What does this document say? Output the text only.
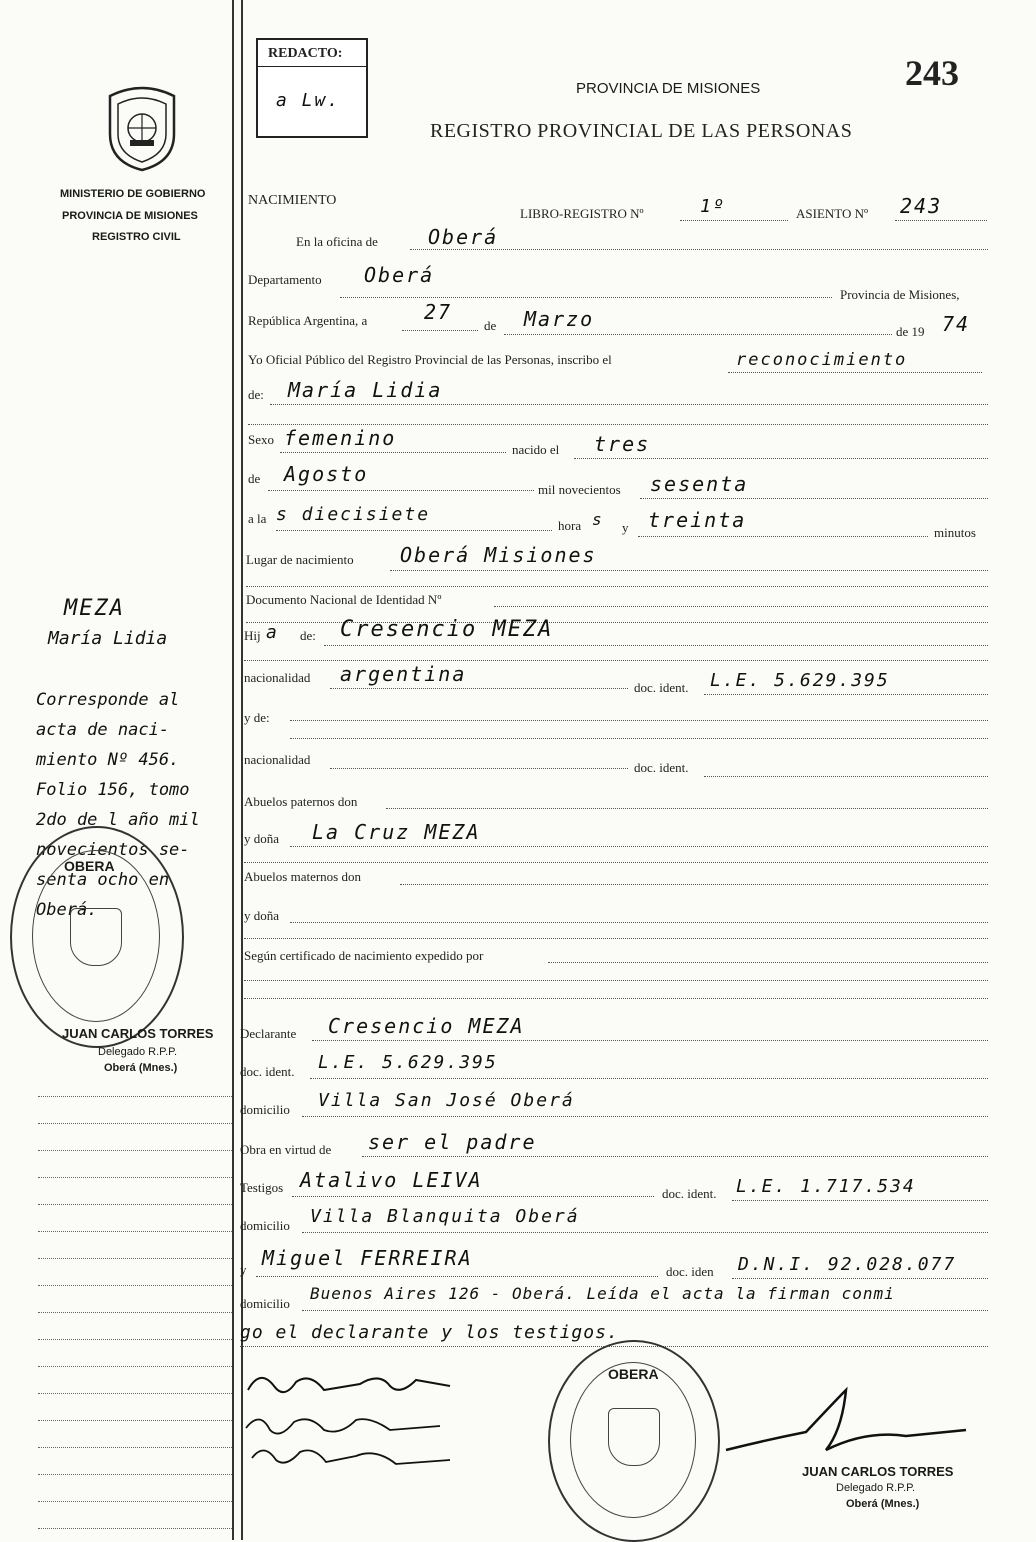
243
REDACTO:
a Lw.
PROVINCIA DE MISIONES
REGISTRO PROVINCIAL DE LAS PERSONAS
MINISTERIO DE GOBIERNO
PROVINCIA DE MISIONES
REGISTRO CIVIL
NACIMIENTO
LIBRO-REGISTRO Nº	1º	ASIENTO Nº 243
En la oficina de	Oberá
Departamento Oberá
Provincia de Misiones,
República Argentina, a	27
de Marzo
de 19 74
Yo Oficial Público del Registro Provincial de las Personas, inscribo el	reconocimiento
de: María Lidia
Sexo femenino	nacido el tres
de Agosto
mil novecientos sesenta
a la s diecisiete
hora s y treinta
minutos
Lugar de nacimiento Oberá Misiones
Documento Nacional de Identidad Nº
Hij a de: Cresencio MEZA
nacionalidad argentina
doc. ident. L.E. 5.629.395
y de:
nacionalidad
doc. ident.
Abuelos paternos don
y doña La Cruz MEZA
Abuelos maternos don
y doña
Según certificado de nacimiento expedido por
Declarante Cresencio MEZA
doc. ident. L.E. 5.629.395
domicilio Villa San José Oberá
Obra en virtud de ser el padre
Testigos Atalivo LEIVA
doc. ident. L.E. 1.717.534
domicilio Villa Blanquita Oberá
y Miguel FERREIRA
doc. iden D.N.I. 92.028.077
domicilio
Buenos Aires 126 - Oberá. Leída el acta la firman conmi
go el declarante y los testigos.
MEZA
María Lidia
Corresponde al
acta de naci-
miento Nº 456.
Folio 156, tomo
2do de l año mil
novecientos se-
senta ocho en
Oberá.
OBERA
JUAN CARLOS TORRES
Delegado R.P.P.
Oberá (Mnes.)
OBERA
JUAN CARLOS TORRES
Delegado R.P.P.
Oberá (Mnes.)
